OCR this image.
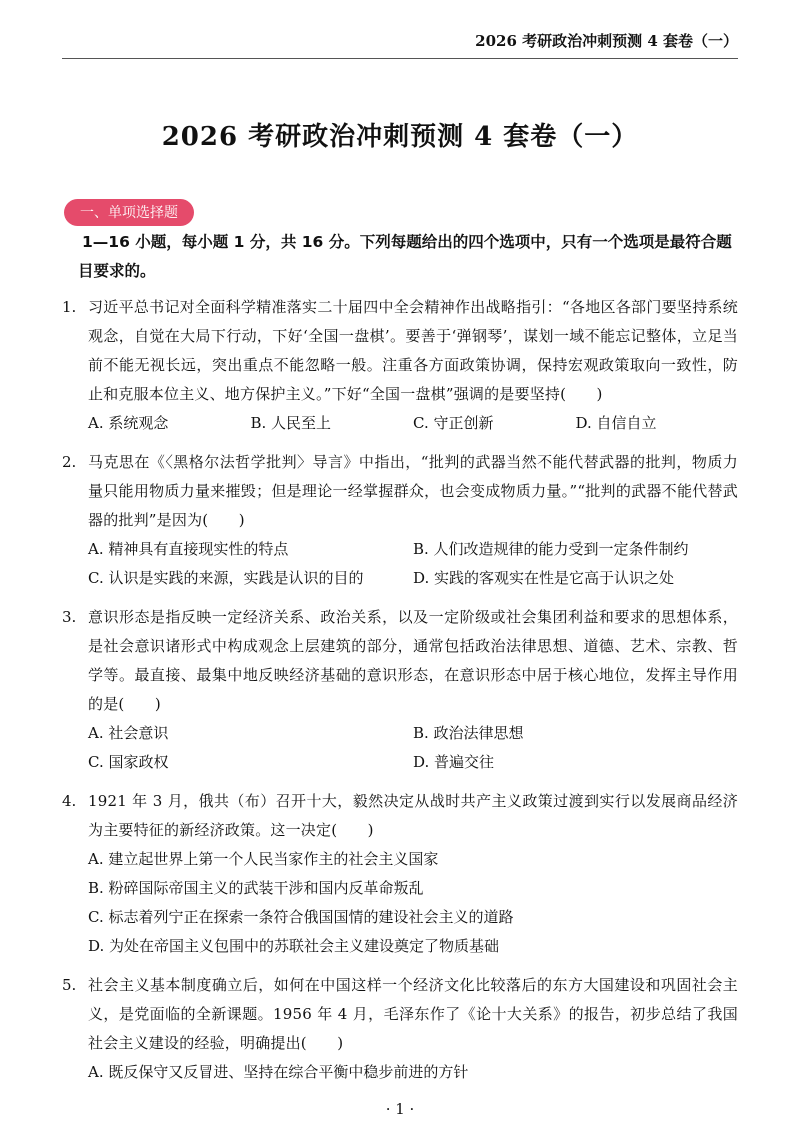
2026 考研政治冲刺预测 4 套卷（一）
2026 考研政治冲刺预测 4 套卷（一）
一、单项选择题
1—16 小题，每小题 1 分，共 16 分。下列每题给出的四个选项中，只有一个选项是最符合题目要求的。
1. 习近平总书记对全面科学精准落实二十届四中全会精神作出战略指引：“各地区各部门要坚持系统观念，自觉在大局下行动，下好‘全国一盘棋’。要善于‘弹钢琴’，谋划一域不能忘记整体，立足当前不能无视长远，突出重点不能忽略一般。注重各方面政策协调，保持宏观政策取向一致性，防止和克服本位主义、地方保护主义。”下好“全国一盘棋”强调的是要坚持(　　)
A. 系统观念	B. 人民至上	C. 守正创新	D. 自信自立
2. 马克思在《〈黑格尔法哲学批判〉导言》中指出，“批判的武器当然不能代替武器的批判，物质力量只能用物质力量来摧毁；但是理论一经掌握群众，也会变成物质力量。”“批判的武器不能代替武器的批判”是因为(　　)
A. 精神具有直接现实性的特点	B. 人们改造规律的能力受到一定条件制约
C. 认识是实践的来源，实践是认识的目的	D. 实践的客观实在性是它高于认识之处
3. 意识形态是指反映一定经济关系、政治关系，以及一定阶级或社会集团利益和要求的思想体系，是社会意识诸形式中构成观念上层建筑的部分，通常包括政治法律思想、道德、艺术、宗教、哲学等。最直接、最集中地反映经济基础的意识形态，在意识形态中居于核心地位，发挥主导作用的是(　　)
A. 社会意识	B. 政治法律思想
C. 国家政权	D. 普遍交往
4. 1921 年 3 月，俄共（布）召开十大，毅然决定从战时共产主义政策过渡到实行以发展商品经济为主要特征的新经济政策。这一决定(　　)
A. 建立起世界上第一个人民当家作主的社会主义国家
B. 粉碎国际帝国主义的武装干涉和国内反革命叛乱
C. 标志着列宁正在探索一条符合俄国国情的建设社会主义的道路
D. 为处在帝国主义包围中的苏联社会主义建设奠定了物质基础
5. 社会主义基本制度确立后，如何在中国这样一个经济文化比较落后的东方大国建设和巩固社会主义，是党面临的全新课题。1956 年 4 月，毛泽东作了《论十大关系》的报告，初步总结了我国社会主义建设的经验，明确提出(　　)
A. 既反保守又反冒进、坚持在综合平衡中稳步前进的方针
· 1 ·
